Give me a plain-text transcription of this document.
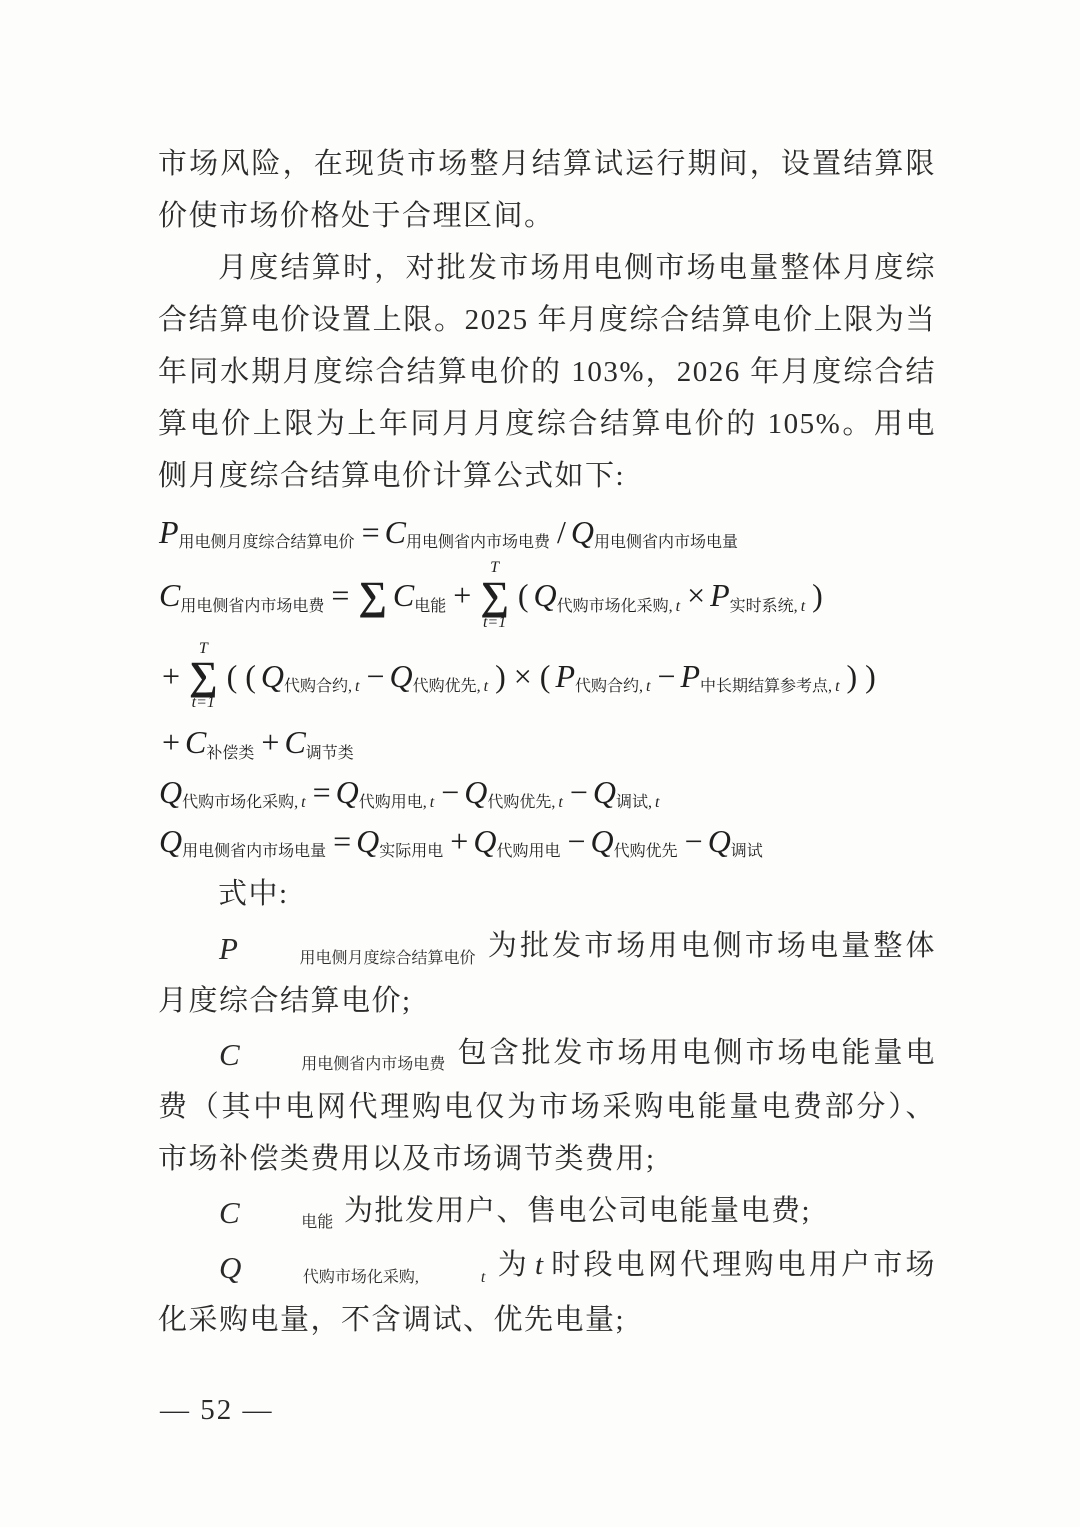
市场风险，在现货市场整月结算试运行期间，设置结算限价使市场价格处于合理区间。

月度结算时，对批发市场用电侧市场电量整体月度综合结算电价设置上限。2025 年月度综合结算电价上限为当年同水期月度综合结算电价的 103%，2026 年月度综合结算电价上限为上年同月月度综合结算电价的 105%。用电侧月度综合结算电价计算公式如下:

P用电侧月度综合结算电价 = C用电侧省内市场电费 / Q用电侧省内市场电量
C用电侧省内市场电费 = ∑ C电能 +
T
∑
t=1
( Q代购市场化采购, t × P实时系统, t )
+
T
∑
t=1
( ( Q代购合约, t − Q代购优先, t ) × ( P代购合约, t − P中长期结算参考点, t ) )
+ C补偿类 + C调节类
Q代购市场化采购, t = Q代购用电, t − Q代购优先, t − Q调试, t
Q用电侧省内市场电量 = Q实际用电 + Q代购用电 − Q代购优先 − Q调试

式中:

P	用电侧月度综合结算电价 为批发市场用电侧市场电量整体月度综合结算电价;

C	用电侧省内市场电费 包含批发市场用电侧市场电能量电费（其中电网代理购电仅为市场采购电能量电费部分）、市场补偿类费用以及市场调节类费用;

C	电能 为批发用户、售电公司电能量电费;

Q	代购市场化采购,	t 为 t 时段电网代理购电用户市场化采购电量，不含调试、优先电量;

— 52 —
